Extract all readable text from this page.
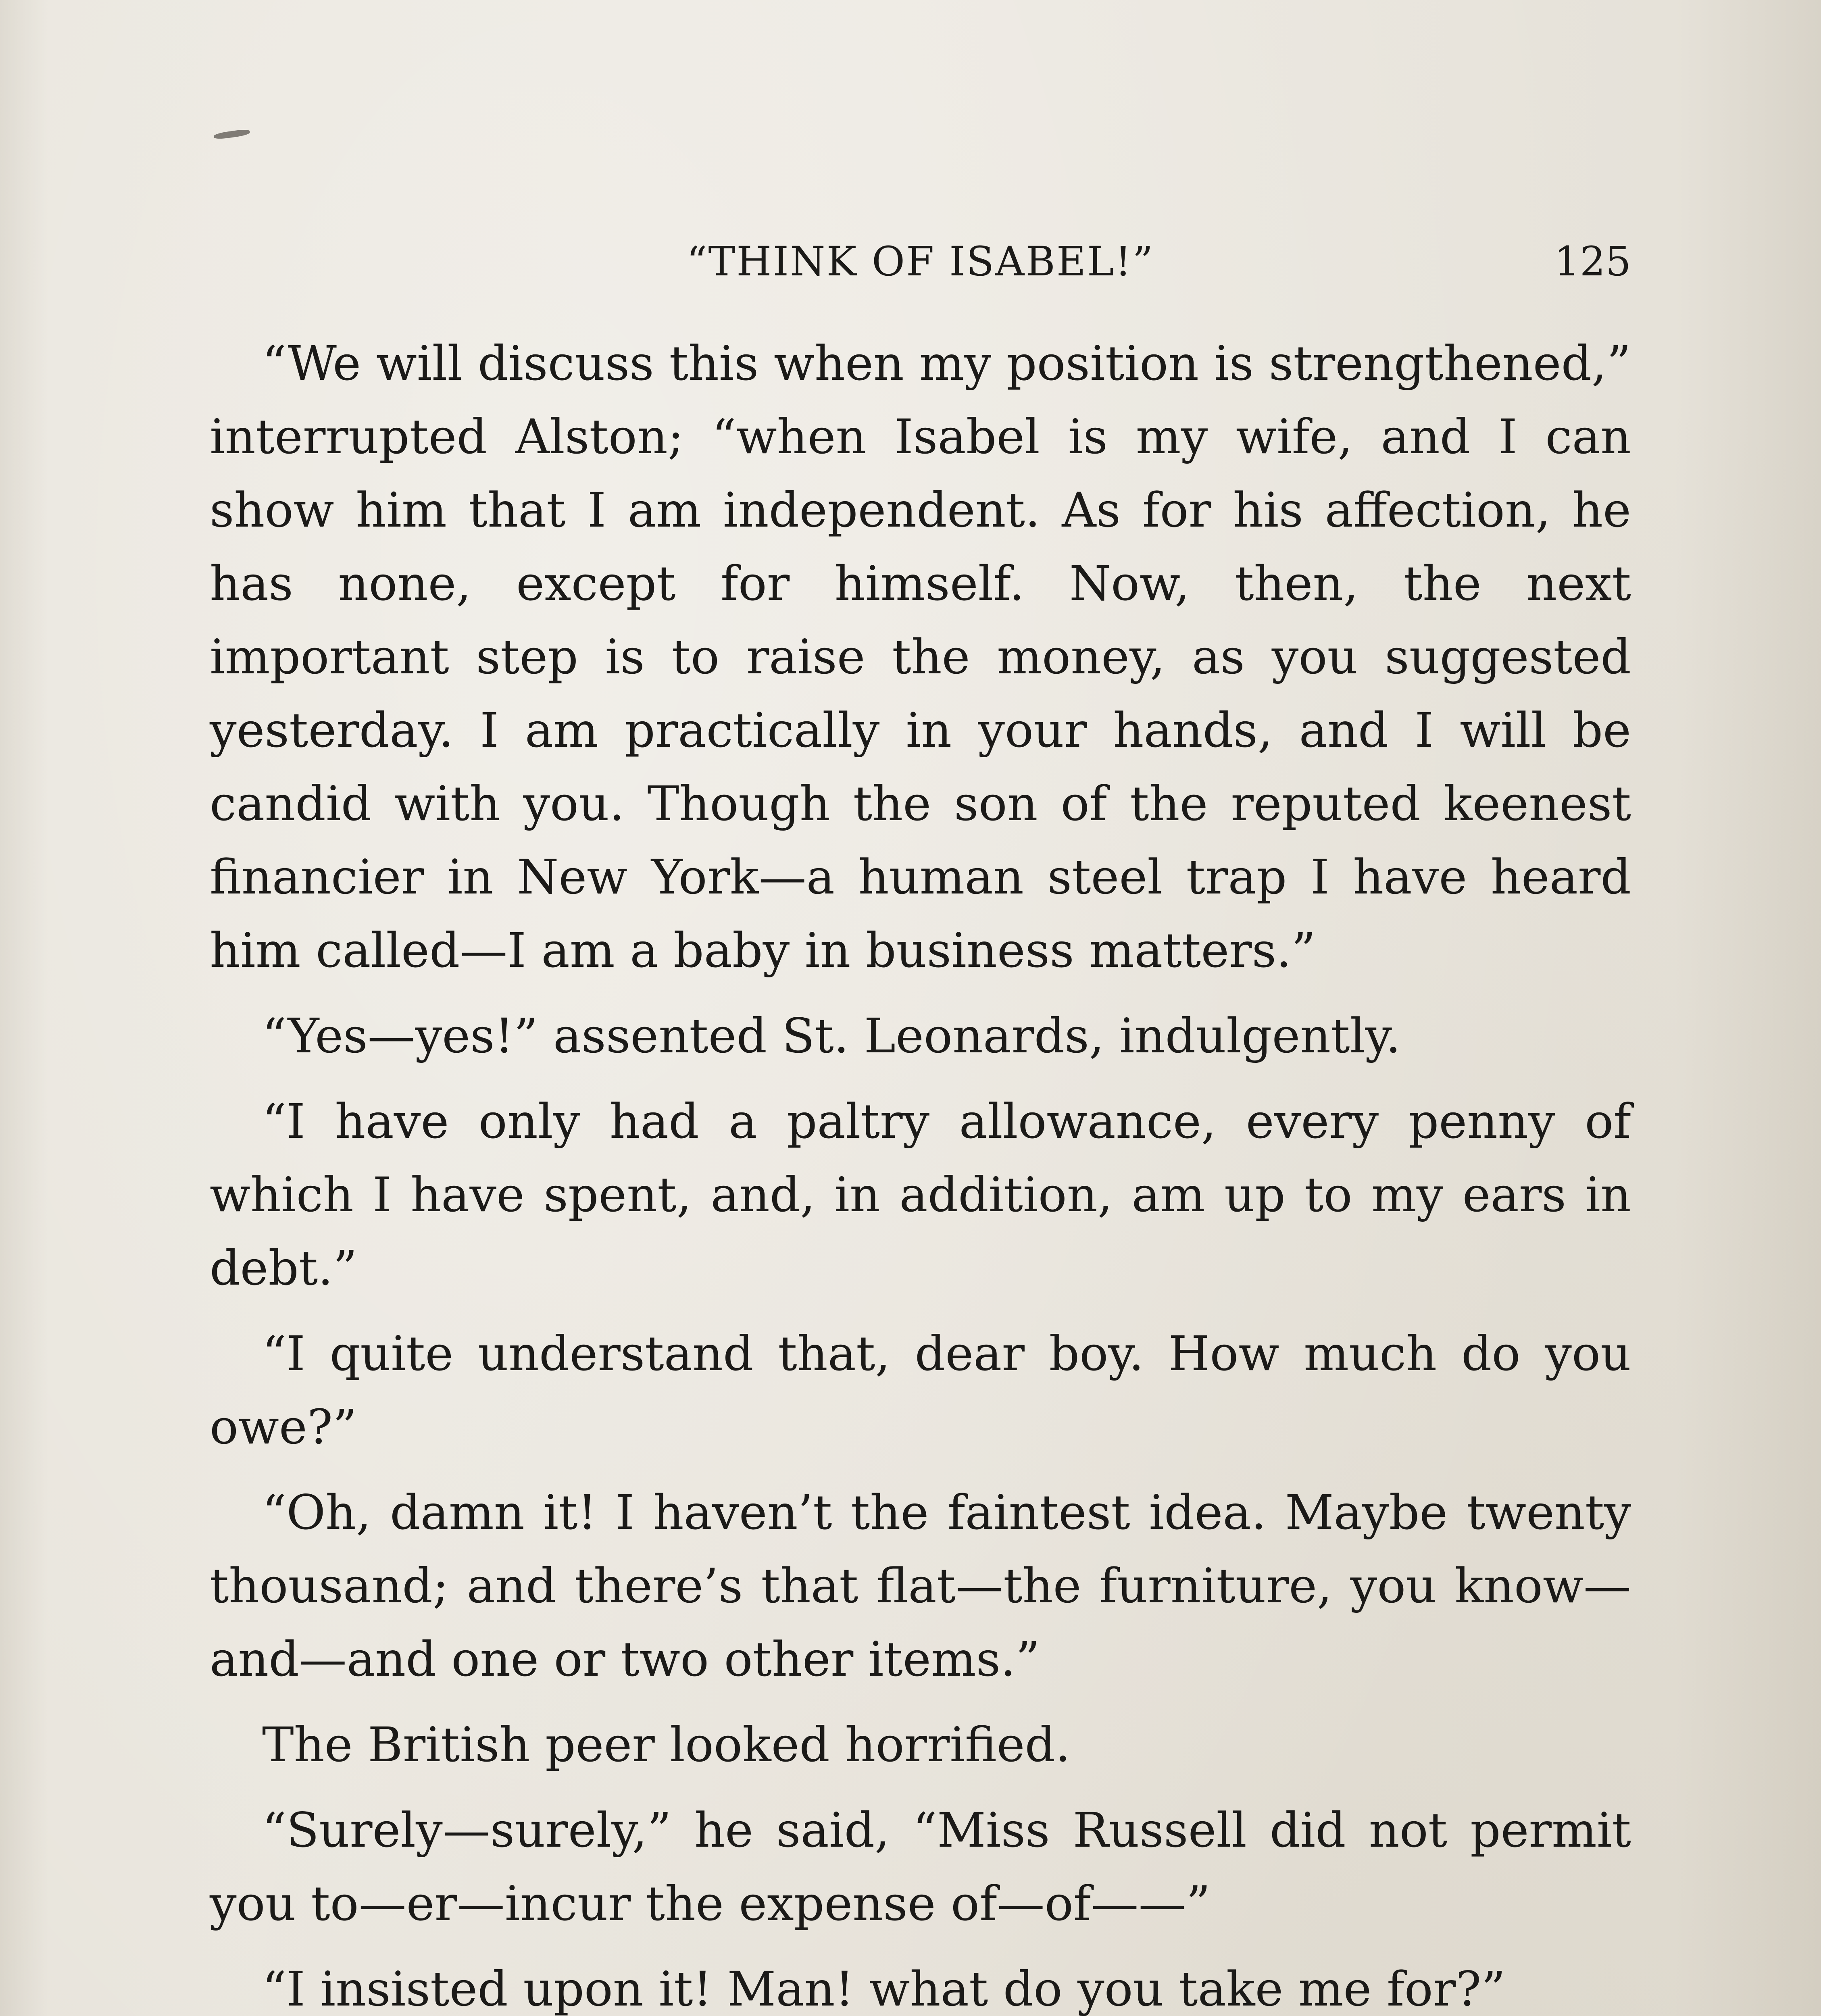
“THINK OF ISABEL!”	125

“We will discuss this when my position is strengthened,” interrupted Alston; “when Isabel is my wife, and I can show him that I am independent. As for his affection, he has none, except for himself. Now, then, the next important step is to raise the money, as you suggested yesterday. I am practically in your hands, and I will be candid with you. Though the son of the reputed keenest financier in New York—a human steel trap I have heard him called—I am a baby in business matters.”

“Yes—yes!” assented St. Leonards, indulgently.

“I have only had a paltry allowance, every penny of which I have spent, and, in addition, am up to my ears in debt.”

“I quite understand that, dear boy. How much do you owe?”

“Oh, damn it! I haven’t the faintest idea. Maybe twenty thousand; and there’s that flat—the furniture, you know—and—and one or two other items.”

The British peer looked horrified.

“Surely—surely,” he said, “Miss Russell did not permit you to—er—incur the expense of—of——”

“I insisted upon it! Man! what do you take me for?”
